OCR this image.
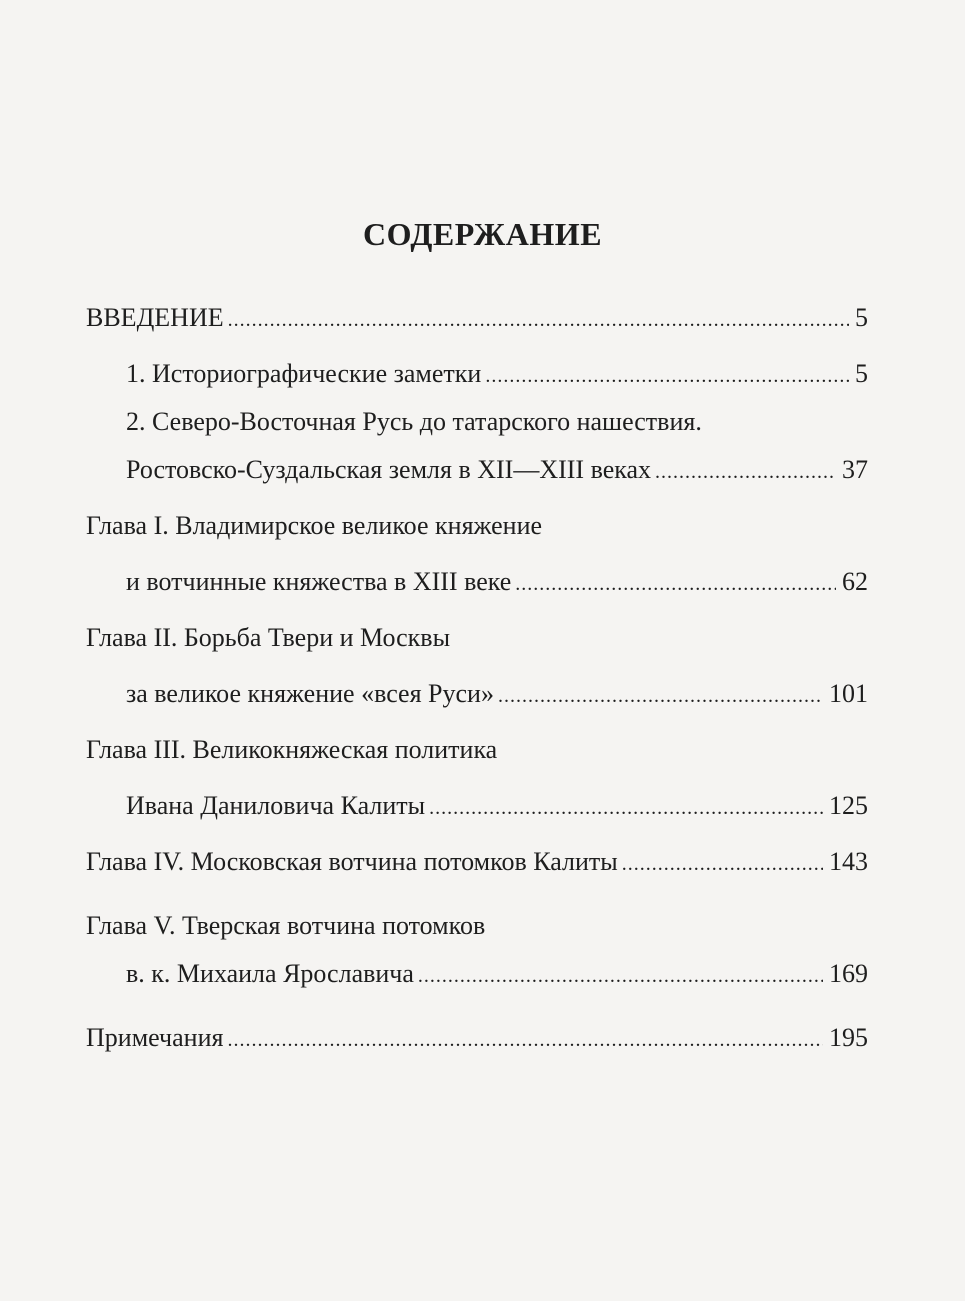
СОДЕРЖАНИЕ
ВВЕДЕНИЕ .....	5
1. Историографические заметки .....	5
2. Северо-Восточная Русь до татарского нашествия.
Ростовско-Суздальская земля в XII—XIII веках .....	37
Глава I. Владимирское великое княжение
и вотчинные княжества в XIII веке .....	62
Глава II. Борьба Твери и Москвы
за великое княжение «всея Руси» .....	101
Глава III. Великокняжеская политика
Ивана Даниловича Калиты .....	125
Глава IV. Московская вотчина потомков Калиты .....	143
Глава V. Тверская вотчина потомков
в. к. Михаила Ярославича .....	169
Примечания .....	195
